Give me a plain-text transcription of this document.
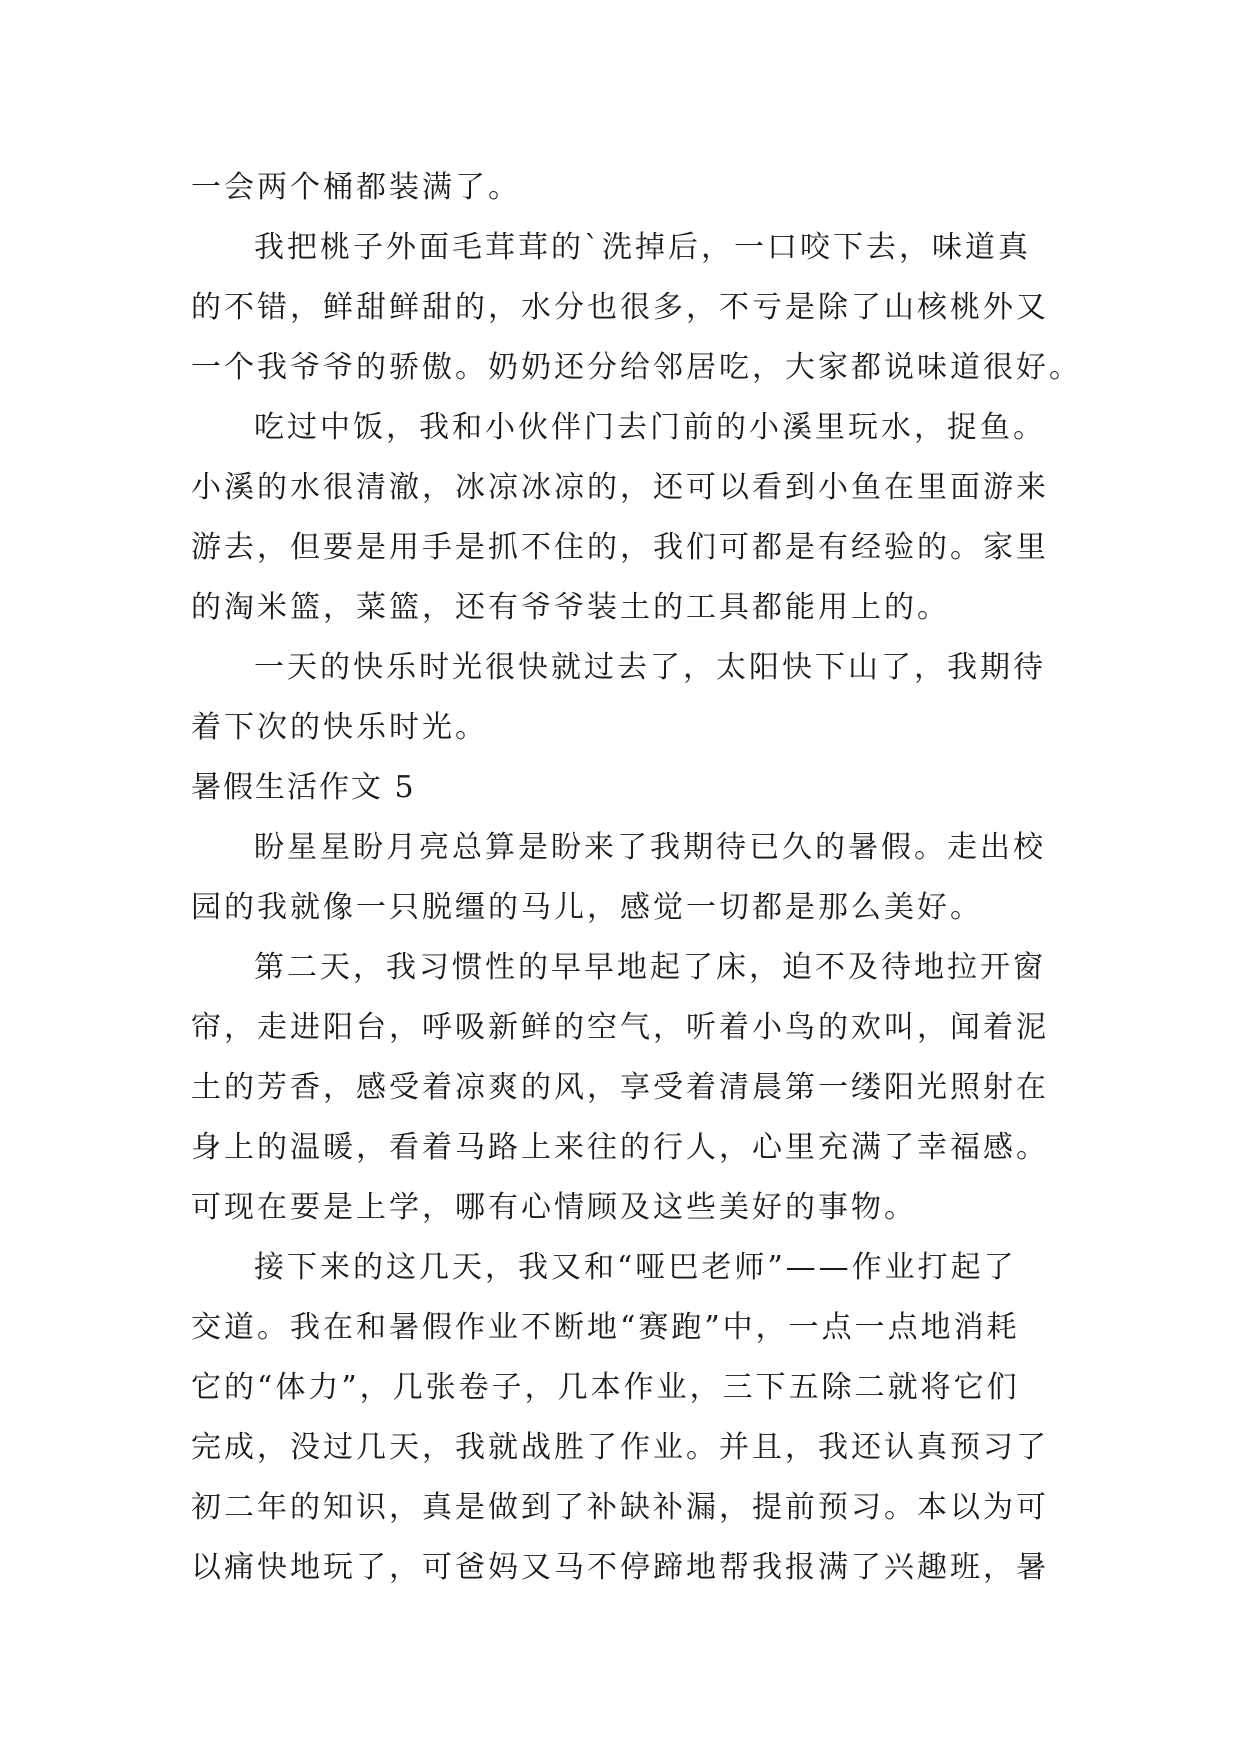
一会两个桶都装满了。
我把桃子外面毛茸茸的`洗掉后，一口咬下去，味道真
的不错，鲜甜鲜甜的，水分也很多，不亏是除了山核桃外又
一个我爷爷的骄傲。奶奶还分给邻居吃，大家都说味道很好。
吃过中饭，我和小伙伴门去门前的小溪里玩水，捉鱼。
小溪的水很清澈，冰凉冰凉的，还可以看到小鱼在里面游来
游去，但要是用手是抓不住的，我们可都是有经验的。家里
的淘米篮，菜篮，还有爷爷装土的工具都能用上的。
一天的快乐时光很快就过去了，太阳快下山了，我期待
着下次的快乐时光。
暑假生活作文 5
盼星星盼月亮总算是盼来了我期待已久的暑假。走出校
园的我就像一只脱缰的马儿，感觉一切都是那么美好。
第二天，我习惯性的早早地起了床，迫不及待地拉开窗
帘，走进阳台，呼吸新鲜的空气，听着小鸟的欢叫，闻着泥
土的芳香，感受着凉爽的风，享受着清晨第一缕阳光照射在
身上的温暖，看着马路上来往的行人，心里充满了幸福感。
可现在要是上学，哪有心情顾及这些美好的事物。
接下来的这几天，我又和“哑巴老师”——作业打起了
交道。我在和暑假作业不断地“赛跑”中，一点一点地消耗
它的“体力”，几张卷子，几本作业，三下五除二就将它们
完成，没过几天，我就战胜了作业。并且，我还认真预习了
初二年的知识，真是做到了补缺补漏，提前预习。本以为可
以痛快地玩了，可爸妈又马不停蹄地帮我报满了兴趣班，暑
